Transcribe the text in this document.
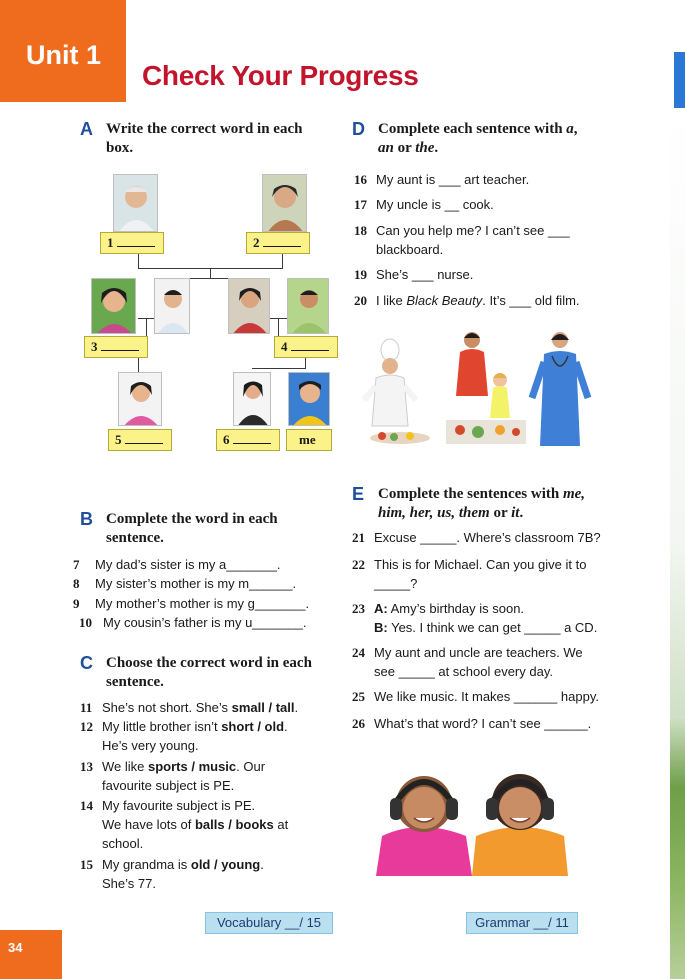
Unit 1
Check Your Progress
A Write the correct word in each
box.
1	2
3	4
5	6	me
B Complete the word in each
sentence.
7 My dad’s sister is my a_______.
8 My sister’s mother is my m______.
9 My mother’s mother is my g_______.
10 My cousin’s father is my u_______.
C Choose the correct word in each
sentence.
11 She’s not short. She’s small / tall.
12 My little brother isn’t short / old.
He’s very young.
13 We like sports / music. Our
favourite subject is PE.
14 My favourite subject is PE.
We have lots of balls / books at
school.
15 My grandma is old / young.
She’s 77.
D Complete each sentence with a,
an or the.
16 My aunt is ___ art teacher.
17 My uncle is __ cook.
18 Can you help me? I can’t see ___
blackboard.
19 She’s ___ nurse.
20 I like Black Beauty. It’s ___ old film.
E Complete the sentences with me,
him, her, us, them or it.
21 Excuse _____. Where’s classroom 7B?
22 This is for Michael. Can you give it to
_____?
23 A: Amy’s birthday is soon.
B: Yes. I think we can get _____ a CD.
24 My aunt and uncle are teachers. We
see _____ at school every day.
25 We like music. It makes ______ happy.
26 What’s that word? I can’t see ______.
Vocabulary __/ 15	Grammar __/ 11
34
